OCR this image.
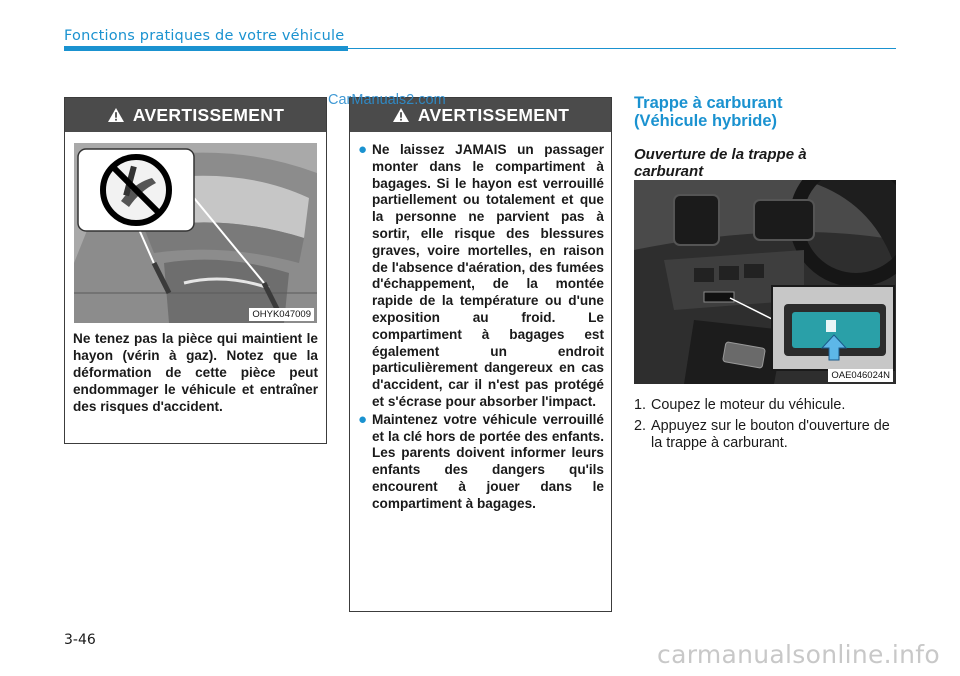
Fonctions pratiques de votre véhicule
AVERTISSEMENT
OHYK047009
Ne tenez pas la pièce qui maintient le hayon (vérin à gaz). Notez que la déformation de cette pièce peut endommager le véhicule et entraîner des risques d'accident.
AVERTISSEMENT
● Ne laissez JAMAIS un passager monter dans le compartiment à bagages. Si le hayon est verrouillé partiellement ou totalement et que la personne ne parvient pas à sortir, elle risque des blessures graves, voire mortelles, en raison de l'absence d'aération, des fumées d'échappement, de la montée rapide de la température ou d'une exposition au froid. Le compartiment à bagages est également un endroit particulièrement dangereux en cas d'accident, car il n'est pas protégé et s'écrase pour absorber l'impact.
● Maintenez votre véhicule verrouillé et la clé hors de portée des enfants. Les parents doivent informer leurs enfants des dangers qu'ils encourent à jouer dans le compartiment à bagages.
CarManuals2.com	Trappe à carburant
(Véhicule hybride)
Ouverture de la trappe à
carburant
OAE046024N
1. Coupez le moteur du véhicule.
2. Appuyez sur le bouton d'ouverture de la trappe à carburant.
3-46	carmanualsonline.info
